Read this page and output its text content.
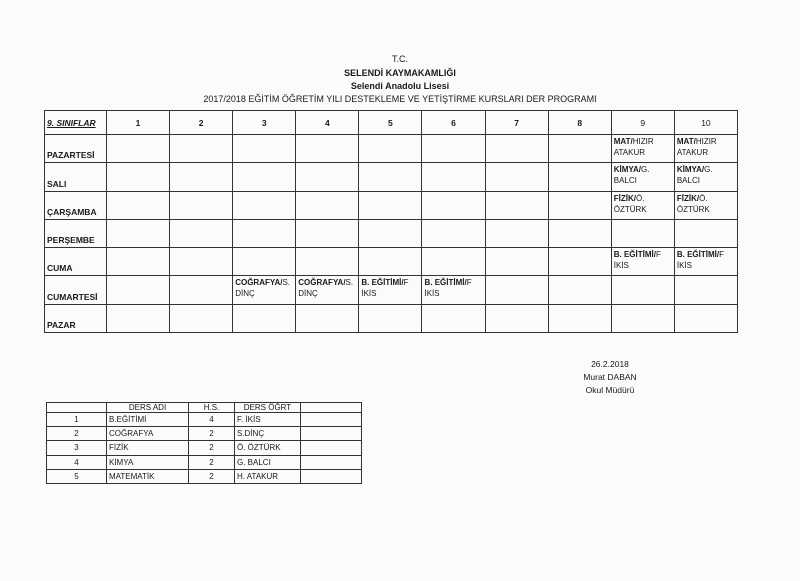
T.C.
SELENDİ KAYMAKAMLIĞI
Selendi Anadolu Lisesi
2017/2018 EĞİTİM ÖĞRETİM YILI DESTEKLEME VE YETİŞTİRME KURSLARI DER PROGRAMI
9. SINIFLAR	1	2	3	4	5	6	7	8	9	10
PAZARTESİ									MAT/HIZIR ATAKUR	MAT/HIZIR ATAKUR
SALI									KİMYA/G. BALCI	KİMYA/G. BALCI
ÇARŞAMBA									FİZİK/Ö. ÖZTÜRK	FİZİK/Ö. ÖZTÜRK
PERŞEMBE										
CUMA									B. EĞİTİMİ/F İKİS	B. EĞİTİMİ/F İKİS
CUMARTESİ			COĞRAFYA/S. DİNÇ	COĞRAFYA/S. DİNÇ	B. EĞİTİMİ/F İKİS	B. EĞİTİMİ/F İKİS				
PAZAR										
26.2.2018
Murat DABAN
Okul Müdürü
	DERS ADI	H.S.	DERS ÖĞRT	
1	B.EĞİTİMİ	4	F. İKİS	
2	COĞRAFYA	2	S.DİNÇ	
3	FİZİK	2	Ö. ÖZTÜRK	
4	KİMYA	2	G. BALCI	
5	MATEMATİK	2	H. ATAKUR	
